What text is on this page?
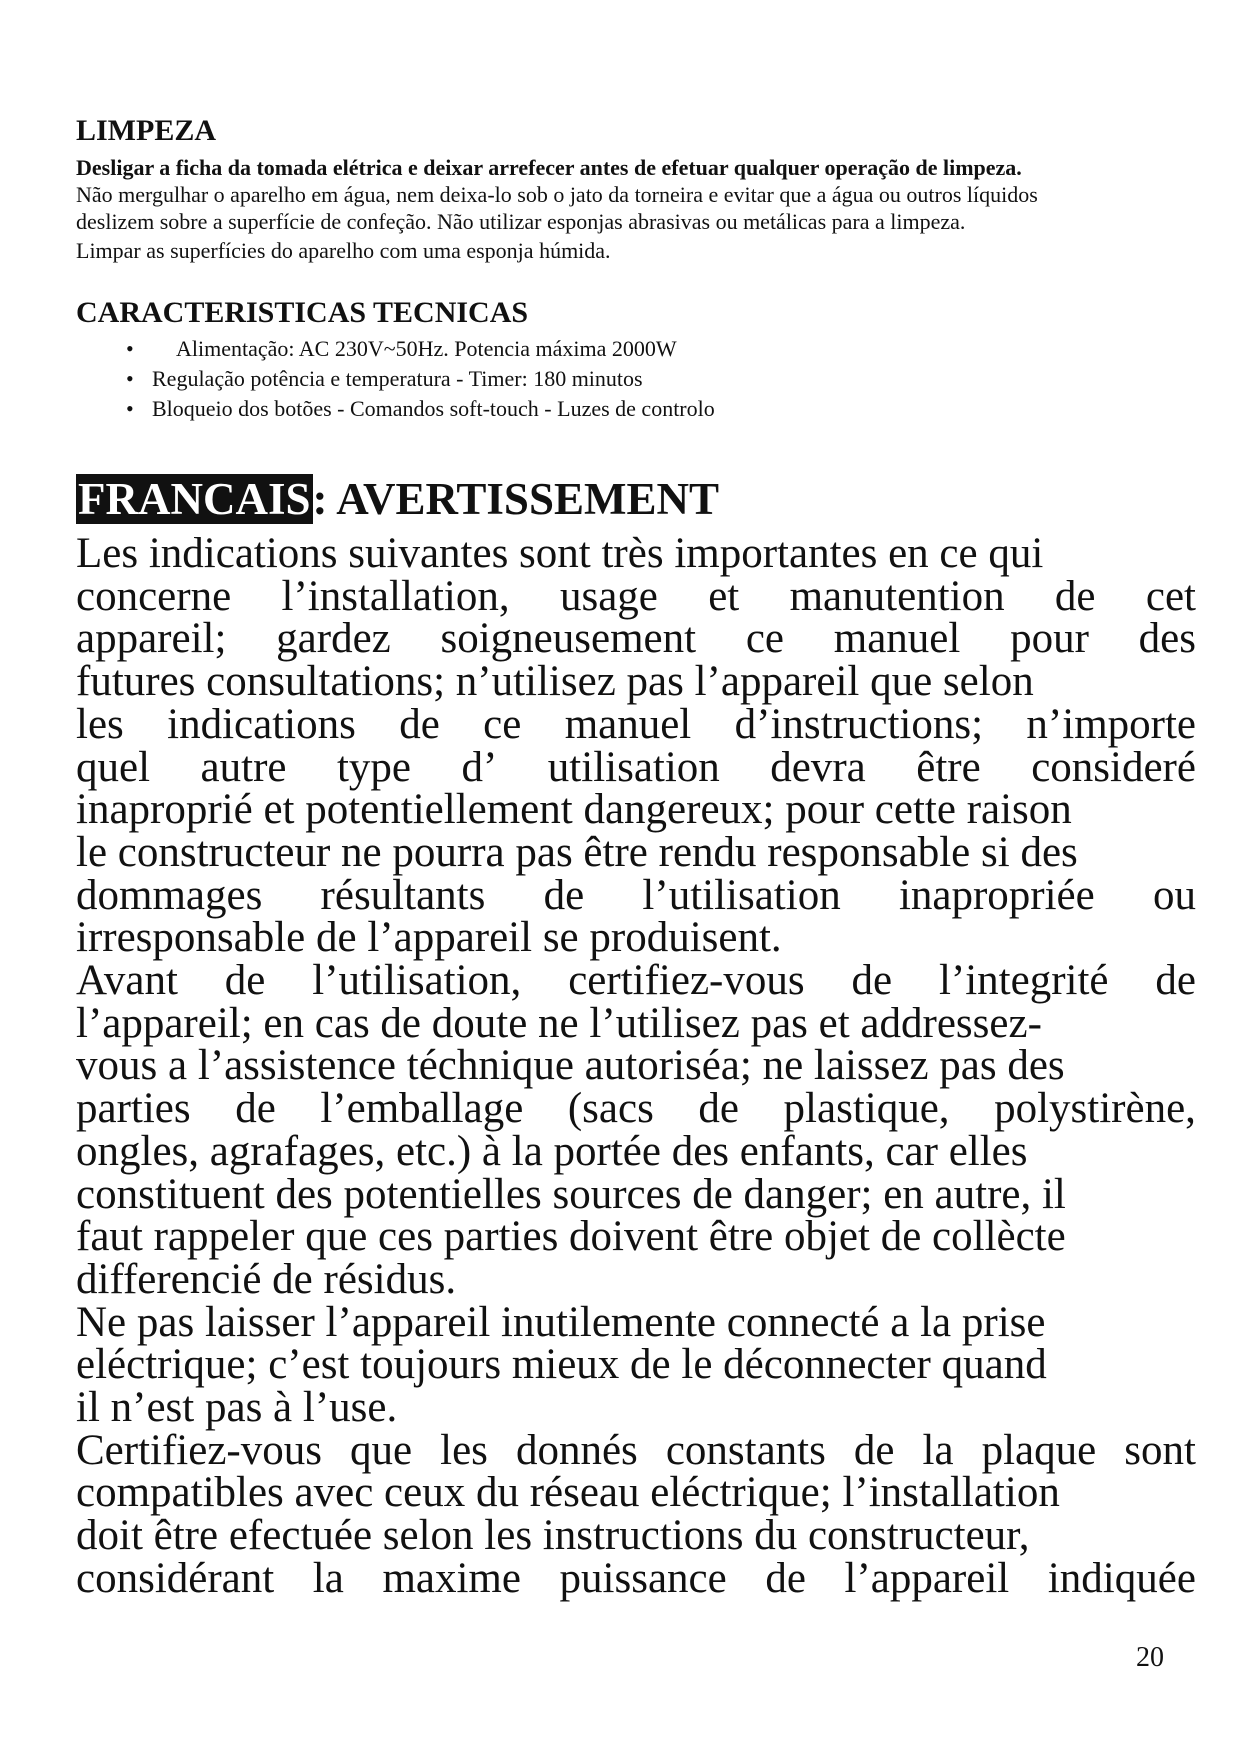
LIMPEZA

Desligar a ficha da tomada elétrica e deixar arrefecer antes de efetuar qualquer operação de limpeza.

Não mergulhar o aparelho em água, nem deixa-lo sob o jato da torneira e evitar que a água ou outros líquidos

deslizem sobre a superfície de confeção. Não utilizar esponjas abrasivas ou metálicas para a limpeza.

Limpar as superfícies do aparelho com uma esponja húmida.

CARACTERISTICAS TECNICAS
• Alimentação: AC 230V~50Hz. Potencia máxima 2000W
• Regulação potência e temperatura - Timer: 180 minutos
• Bloqueio dos botões - Comandos soft-touch - Luzes de controlo
FRANCAIS: AVERTISSEMENT

Les indications suivantes sont très importantes en ce qui

concerne l’installation, usage et manutention de cet

appareil; gardez soigneusement ce manuel pour des

futures consultations; n’utilisez pas l’appareil que selon

les indications de ce manuel d’instructions; n’importe

quel autre type d’ utilisation devra être consideré

inaproprié et potentiellement dangereux; pour cette raison

le constructeur ne pourra pas être rendu responsable si des

dommages résultants de l’utilisation inapropriée ou

irresponsable de l’appareil se produisent.

Avant de l’utilisation, certifiez-vous de l’integrité de

l’appareil; en cas de doute ne l’utilisez pas et addressez-

vous a l’assistence téchnique autoriséa; ne laissez pas des

parties de l’emballage (sacs de plastique, polystirène,

ongles, agrafages, etc.) à la portée des enfants, car elles

constituent des potentielles sources de danger; en autre, il

faut rappeler que ces parties doivent être objet de collècte

differencié de résidus.

Ne pas laisser l’appareil inutilemente connecté a la prise

eléctrique; c’est toujours mieux de le déconnecter quand

il n’est pas à l’use.

Certifiez-vous que les donnés constants de la plaque sont

compatibles avec ceux du réseau eléctrique; l’installation

doit être efectuée selon les instructions du constructeur,

considérant la maxime puissance de l’appareil indiquée

20
